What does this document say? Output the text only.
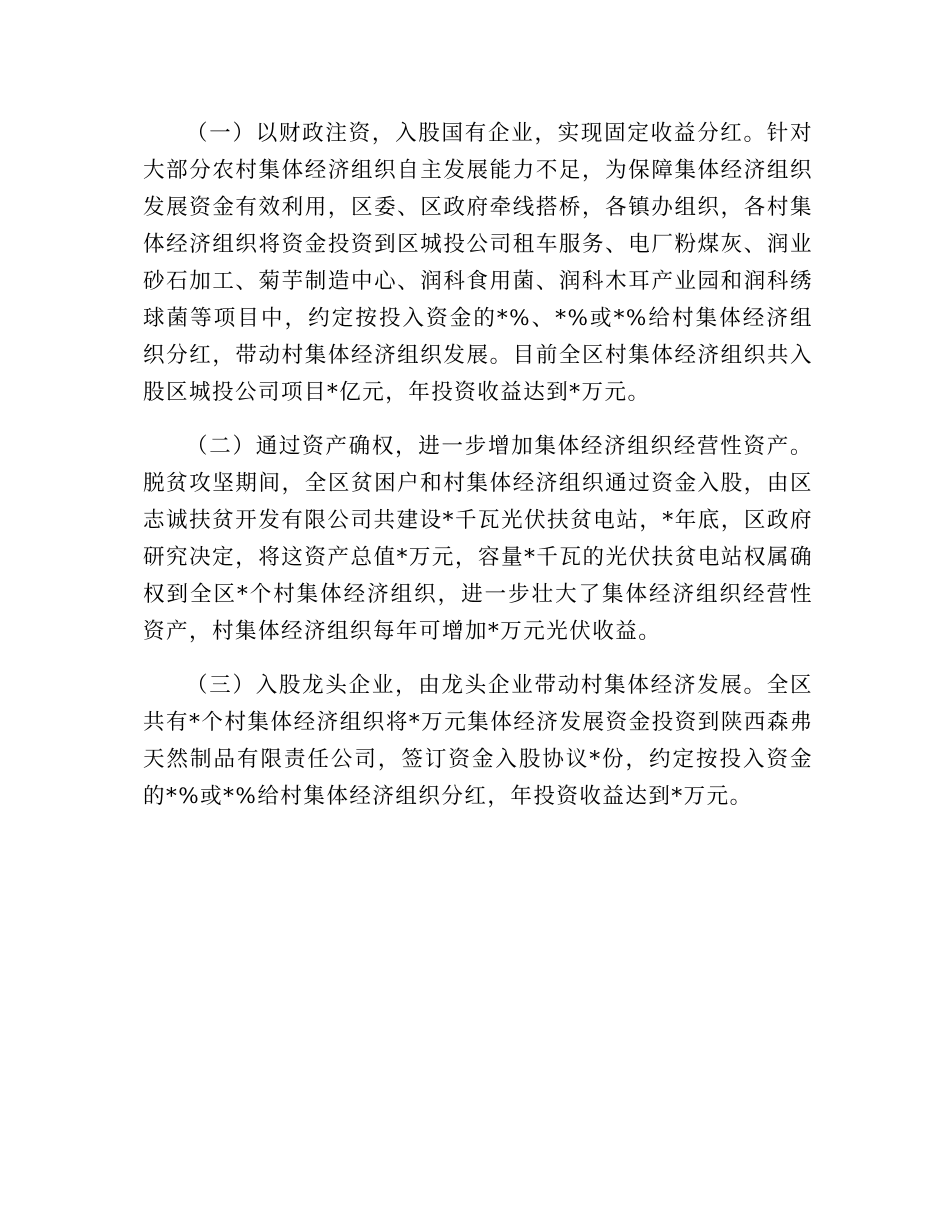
（一）以财政注资，入股国有企业，实现固定收益分红。针对大部分农村集体经济组织自主发展能力不足，为保障集体经济组织发展资金有效利用，区委、区政府牵线搭桥，各镇办组织，各村集体经济组织将资金投资到区城投公司租车服务、电厂粉煤灰、润业砂石加工、菊芋制造中心、润科食用菌、润科木耳产业园和润科绣球菌等项目中，约定按投入资金的*%、*%或*%给村集体经济组织分红，带动村集体经济组织发展。目前全区村集体经济组织共入股区城投公司项目*亿元，年投资收益达到*万元。

（二）通过资产确权，进一步增加集体经济组织经营性资产。脱贫攻坚期间，全区贫困户和村集体经济组织通过资金入股，由区志诚扶贫开发有限公司共建设*千瓦光伏扶贫电站，*年底，区政府研究决定，将这资产总值*万元，容量*千瓦的光伏扶贫电站权属确权到全区*个村集体经济组织，进一步壮大了集体经济组织经营性资产，村集体经济组织每年可增加*万元光伏收益。

（三）入股龙头企业，由龙头企业带动村集体经济发展。全区共有*个村集体经济组织将*万元集体经济发展资金投资到陕西森弗天然制品有限责任公司，签订资金入股协议*份，约定按投入资金的*%或*%给村集体经济组织分红，年投资收益达到*万元。
